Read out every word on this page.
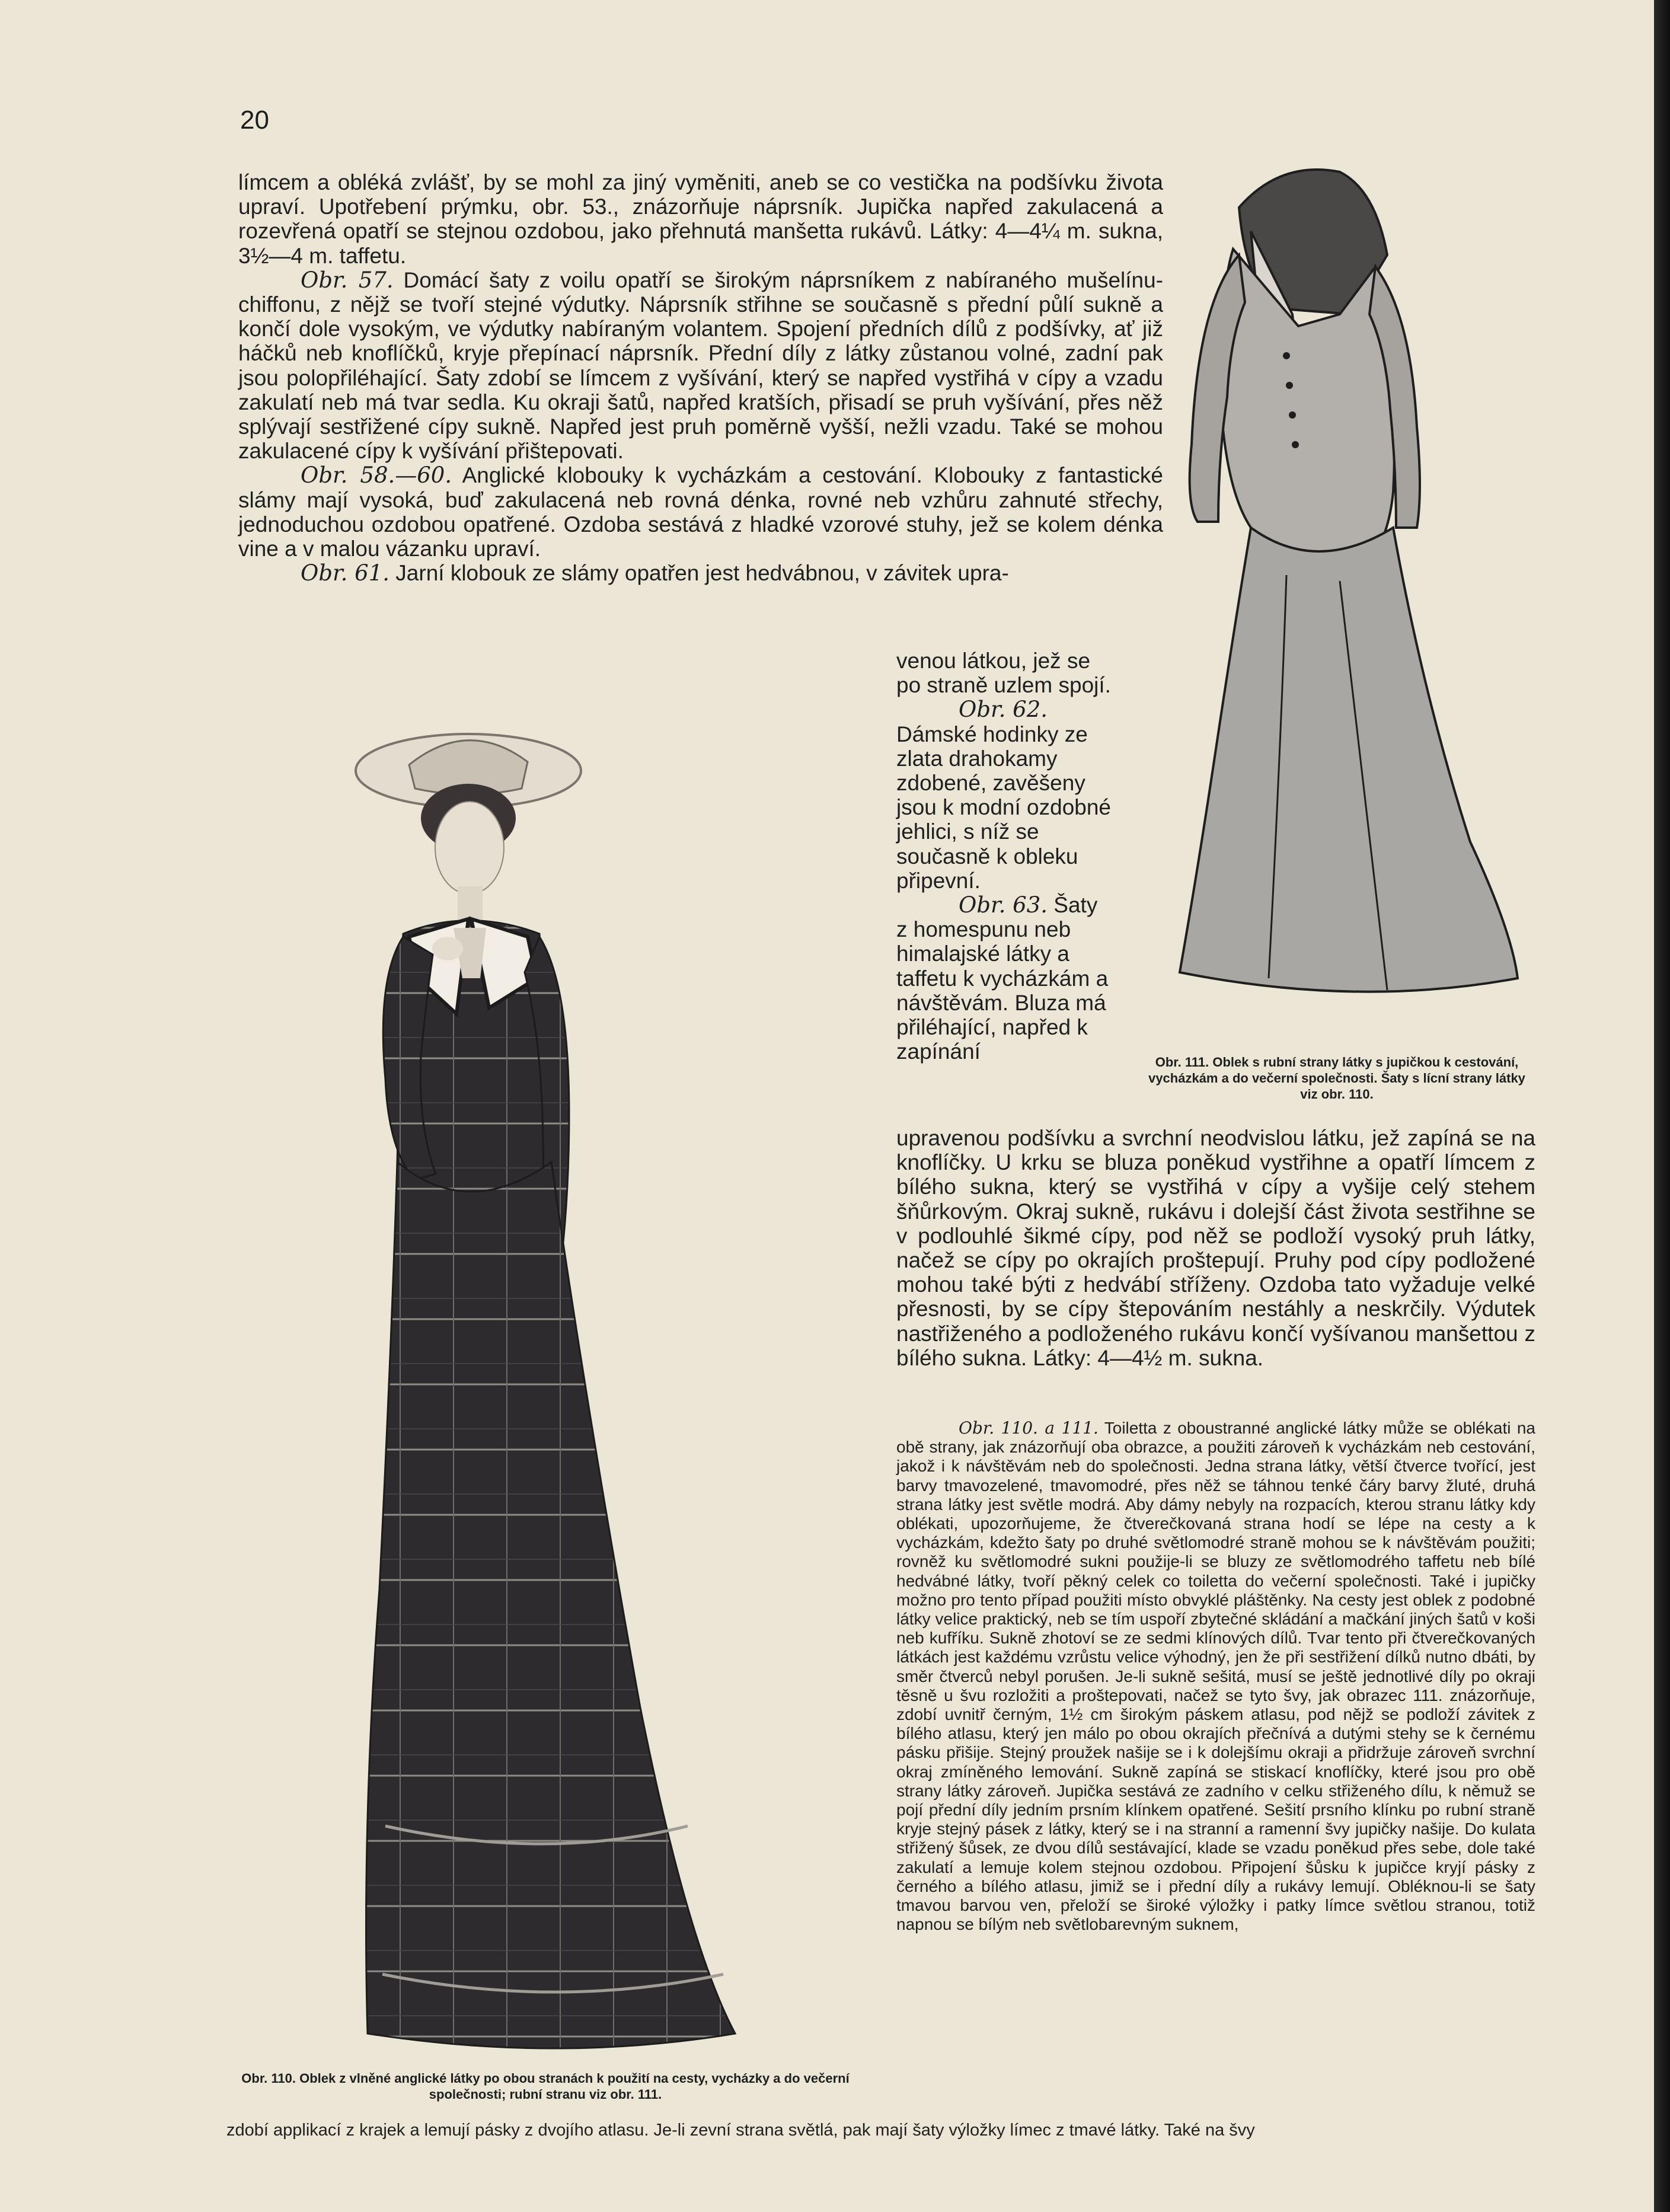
20

límcem a obléká zvlášť, by se mohl za jiný vyměniti, aneb se co vestička na podšívku života upraví. Upotřebení prýmku, obr. 53., znázorňuje náprsník. Jupička napřed zakulacená a rozevřená opatří se stejnou ozdobou, jako přehnutá manšetta rukávů. Látky: 4—4¼ m. sukna, 3½—4 m. taffetu.

Obr. 57. Domácí šaty z voilu opatří se širokým náprsníkem z nabíraného mušelínu-chiffonu, z nějž se tvoří stejné výdutky. Náprsník střihne se současně s přední půlí sukně a končí dole vysokým, ve výdutky nabíraným volantem. Spojení předních dílů z podšívky, ať již háčků neb knoflíčků, kryje přepínací náprsník. Přední díly z látky zůstanou volné, zadní pak jsou polopřiléhající. Šaty zdobí se límcem z vyšívání, který se napřed vystřihá v cípy a vzadu zakulatí neb má tvar sedla. Ku okraji šatů, napřed kratších, přisadí se pruh vyšívání, přes něž splývají sestřižené cípy sukně. Napřed jest pruh poměrně vyšší, nežli vzadu. Také se mohou zakulacené cípy k vyšívání přištepovati.

Obr. 58.—60. Anglické klobouky k vycházkám a cestování. Klobouky z fantastické slámy mají vysoká, buď zakulacená neb rovná dénka, rovné neb vzhůru zahnuté střechy, jednoduchou ozdobou opatřené. Ozdoba sestává z hladké vzorové stuhy, jež se kolem dénka vine a v malou vázanku upraví.

Obr. 61. Jarní klobouk ze slámy opatřen jest hedvábnou, v závitek upra-

venou látkou, jež se po straně uzlem spojí.

Obr. 62. Dámské hodinky ze zlata drahokamy zdobené, zavěšeny jsou k modní ozdobné jehlici, s níž se současně k obleku připevní.

Obr. 63. Šaty z homespunu neb himalajské látky a taffetu k vycházkám a návštěvám. Bluza má přiléhající, napřed k zapínání

upravenou podšívku a svrchní neodvislou látku, jež zapíná se na knoflíčky. U krku se bluza poněkud vystřihne a opatří límcem z bílého sukna, který se vystřihá v cípy a vyšije celý stehem šňůrkovým. Okraj sukně, rukávu i dolejší část života sestřihne se v podlouhlé šikmé cípy, pod něž se podloží vysoký pruh látky, načež se cípy po okrajích proštepují. Pruhy pod cípy podložené mohou také býti z hedvábí stříženy. Ozdoba tato vyžaduje velké přesnosti, by se cípy štepováním nestáhly a neskrčily. Výdutek nastřiženého a podloženého rukávu končí vyšívanou manšettou z bílého sukna. Látky: 4—4½ m. sukna.

Obr. 110. a 111. Toiletta z oboustranné anglické látky může se oblékati na obě strany, jak znázorňují oba obrazce, a použiti zároveň k vycházkám neb cestování, jakož i k návštěvám neb do společnosti. Jedna strana látky, větší čtverce tvořící, jest barvy tmavozelené, tmavomodré, přes něž se táhnou tenké čáry barvy žluté, druhá strana látky jest světle modrá. Aby dámy nebyly na rozpacích, kterou stranu látky kdy oblékati, upozorňujeme, že čtverečkovaná strana hodí se lépe na cesty a k vycházkám, kdežto šaty po druhé světlomodré straně mohou se k návštěvám použiti; rovněž ku světlomodré sukni použije-li se bluzy ze světlomodrého taffetu neb bílé hedvábné látky, tvoří pěkný celek co toiletta do večerní společnosti. Také i jupičky možno pro tento případ použiti místo obvyklé pláštěnky. Na cesty jest oblek z podobné látky velice praktický, neb se tím uspoří zbytečné skládání a mačkání jiných šatů v koši neb kufříku. Sukně zhotoví se ze sedmi klínových dílů. Tvar tento při čtverečkovaných látkách jest každému vzrůstu velice výhodný, jen že při sestřižení dílků nutno dbáti, by směr čtverců nebyl porušen. Je-li sukně sešitá, musí se ještě jednotlivé díly po okraji těsně u švu rozložiti a proštepovati, načež se tyto švy, jak obrazec 111. znázorňuje, zdobí uvnitř černým, 1½ cm širokým páskem atlasu, pod nějž se podloží závitek z bílého atlasu, který jen málo po obou okrajích přečnívá a dutými stehy se k černému pásku přišije. Stejný proužek našije se i k dolejšímu okraji a přidržuje zároveň svrchní okraj zmíněného lemování. Sukně zapíná se stiskací knoflíčky, které jsou pro obě strany látky zároveň. Jupička sestává ze zadního v celku střiženého dílu, k němuž se pojí přední díly jedním prsním klínkem opatřené. Sešití prsního klínku po rubní straně kryje stejný pásek z látky, který se i na stranní a ramenní švy jupičky našije. Do kulata střižený šůsek, ze dvou dílů sestávající, klade se vzadu poněkud přes sebe, dole také zakulatí a lemuje kolem stejnou ozdobou. Připojení šůsku k jupičce kryjí pásky z černého a bílého atlasu, jimiž se i přední díly a rukávy lemují. Obléknou-li se šaty tmavou barvou ven, přeloží se široké výložky i patky límce světlou stranou, totiž napnou se bílým neb světlobarevným suknem,

zdobí applikací z krajek a lemují pásky z dvojího atlasu. Je-li zevní strana světlá, pak mají šaty výložky límec z tmavé látky. Také na švy
Obr. 110. Oblek z vlněné anglické látky po obou stranách k použití na cesty, vycházky a do večerní společnosti; rubní stranu viz obr. 111.
Obr. 111. Oblek s rubní strany látky s jupičkou k cestování, vycházkám a do večerní společnosti. Šaty s lícní strany látky viz obr. 110.
